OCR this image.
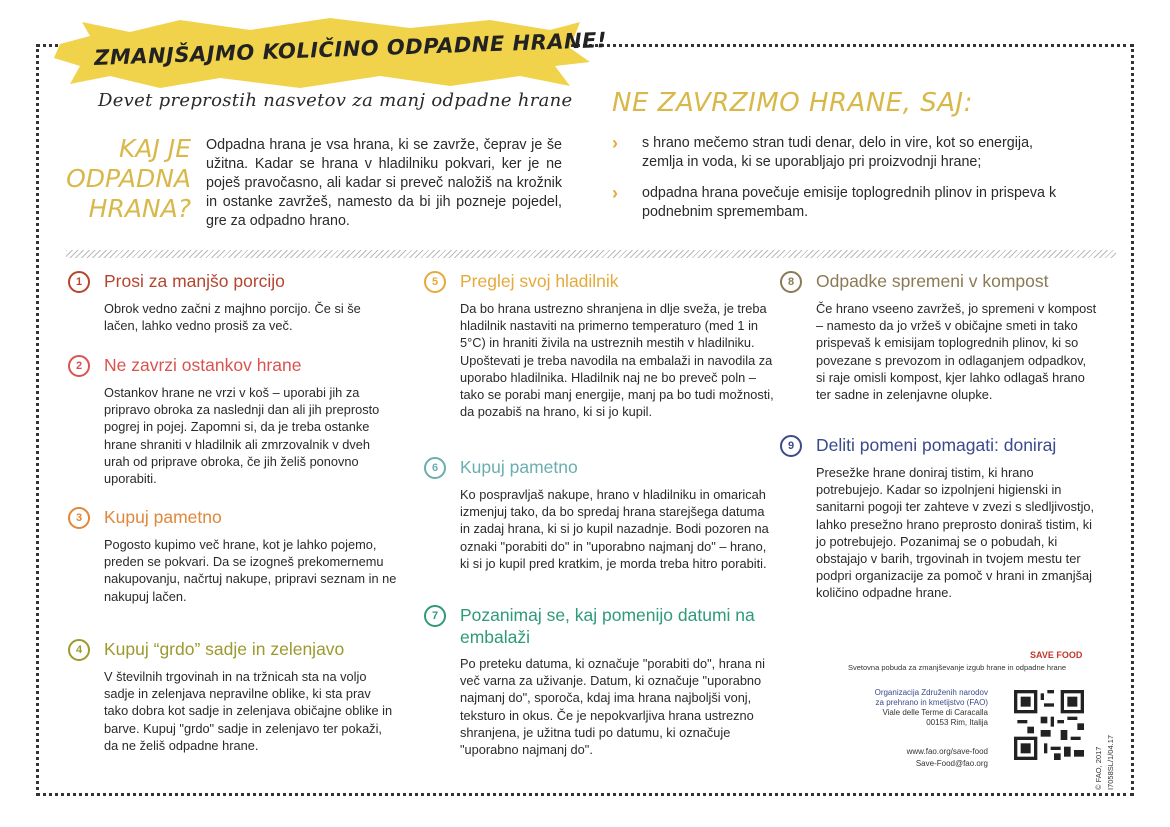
ZMANJŠAJMO KOLIČINO ODPADNE HRANE!
Devet preprostih nasvetov za manj odpadne hrane
KAJ JE
ODPADNA
HRANA?
Odpadna hrana je vsa hrana, ki se zavrže, čeprav je še užitna. Kadar se hrana v hladilniku pokvari, ker je ne poješ pravočasno, ali kadar si preveč naložiš na krožnik in ostanke zavržeš, namesto da bi jih pozneje pojedel, gre za odpadno hrano.
NE ZAVRZIMO HRANE, SAJ:
› s hrano mečemo stran tudi denar, delo in vire, kot so energija, zemlja in voda, ki se uporabljajo pri proizvodnji hrane;
› odpadna hrana povečuje emisije toplogrednih plinov in prispeva k podnebnim spremembam.
1	Prosi za manjšo porcijo
Obrok vedno začni z majhno porcijo. Če si še lačen, lahko vedno prosiš za več.
2	Ne zavrzi ostankov hrane
Ostankov hrane ne vrzi v koš – uporabi jih za pripravo obroka za naslednji dan ali jih preprosto pogrej in pojej. Zapomni si, da je treba ostanke hrane shraniti v hladilnik ali zmrzovalnik v dveh urah od priprave obroka, če jih želiš ponovno uporabiti.
3	Kupuj pametno
Pogosto kupimo več hrane, kot je lahko pojemo, preden se pokvari. Da se izogneš prekomernemu nakupovanju, načrtuj nakupe, pripravi seznam in ne nakupuj lačen.
4	Kupuj “grdo” sadje in zelenjavo
V številnih trgovinah in na tržnicah sta na voljo sadje in zelenjava nepravilne oblike, ki sta prav tako dobra kot sadje in zelenjava običajne oblike in barve. Kupuj "grdo" sadje in zelenjavo ter pokaži, da ne želiš odpadne hrane.
5	Preglej svoj hladilnik
Da bo hrana ustrezno shranjena in dlje sveža, je treba hladilnik nastaviti na primerno temperaturo (med 1 in 5°C) in hraniti živila na ustreznih mestih v hladilniku. Upoštevati je treba navodila na embalaži in navodila za uporabo hladilnika. Hladilnik naj ne bo preveč poln – tako se porabi manj energije, manj pa bo tudi možnosti, da pozabiš na hrano, ki si jo kupil.
6	Kupuj pametno
Ko pospravljaš nakupe, hrano v hladilniku in omaricah izmenjuj tako, da bo spredaj hrana starejšega datuma in zadaj hrana, ki si jo kupil nazadnje. Bodi pozoren na oznaki "porabiti do" in "uporabno najmanj do" – hrano, ki si jo kupil pred kratkim, je morda treba hitro porabiti.
7	Pozanimaj se, kaj pomenijo datumi na embalaži
Po preteku datuma, ki označuje "porabiti do", hrana ni več varna za uživanje. Datum, ki označuje "uporabno najmanj do", sporoča, kdaj ima hrana najboljši vonj, teksturo in okus. Če je nepokvarljiva hrana ustrezno shranjena, je užitna tudi po datumu, ki označuje "uporabno najmanj do".
8	Odpadke spremeni v kompost
Če hrano vseeno zavržeš, jo spremeni v kompost – namesto da jo vržeš v običajne smeti in tako prispevaš k emisijam toplogrednih plinov, ki so povezane s prevozom in odlaganjem odpadkov, si raje omisli kompost, kjer lahko odlagaš hrano ter sadne in zelenjavne olupke.
9	Deliti pomeni pomagati: doniraj
Presežke hrane doniraj tistim, ki hrano potrebujejo. Kadar so izpolnjeni higienski in sanitarni pogoji ter zahteve v zvezi s sledljivostjo, lahko presežno hrano preprosto doniraš tistim, ki jo potrebujejo. Pozanimaj se o pobudah, ki obstajajo v barih, trgovinah in tvojem mestu ter podpri organizacije za pomoč v hrani in zmanjšaj količino odpadne hrane.
SAVE FOOD
Svetovna pobuda za zmanjševanje izgub hrane in odpadne hrane
Organizacija Združenih narodov
za prehrano in kmetijstvo (FAO)
Viale delle Terme di Caracalla
00153 Rim, Italija
www.fao.org/save-food
Save-Food@fao.org	© FAO, 2017 I7058SL/1/04.17
